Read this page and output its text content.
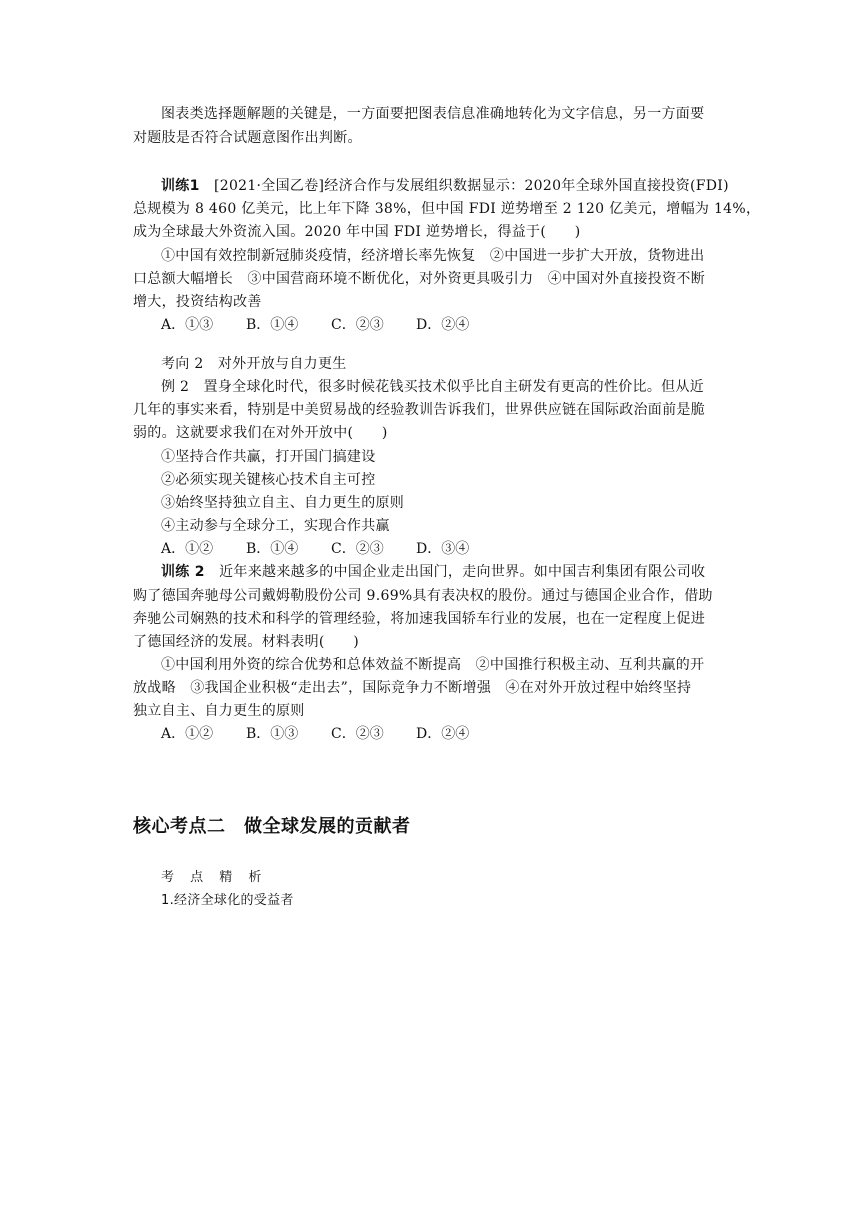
图表类选择题解题的关键是，一方面要把图表信息准确地转化为文字信息，另一方面要
对题肢是否符合试题意图作出判断。
训练1　 [2021·全国乙卷]经济合作与发展组织数据显示：2020年全球外国直接投资(FDI)
总规模为 8 460 亿美元，比上年下降 38%，但中国 FDI 逆势增至 2 120 亿美元，增幅为 14%，
成为全球最大外资流入国。2020 年中国 FDI 逆势增长，得益于(　　)
①中国有效控制新冠肺炎疫情，经济增长率先恢复　②中国进一步扩大开放，货物进出
口总额大幅增长　③中国营商环境不断优化，对外资更具吸引力　④中国对外直接投资不断
增大，投资结构改善
A．①③ B．①④ C．②③ D．②④
考向 2　对外开放与自力更生
例 2　置身全球化时代，很多时候花钱买技术似乎比自主研发有更高的性价比。但从近
几年的事实来看，特别是中美贸易战的经验教训告诉我们，世界供应链在国际政治面前是脆
弱的。这就要求我们在对外开放中(　　)
①坚持合作共赢，打开国门搞建设
②必须实现关键核心技术自主可控
③始终坚持独立自主、自力更生的原则
④主动参与全球分工，实现合作共赢
A．①② B．①④ C．②③ D．③④
训练 2　近年来越来越多的中国企业走出国门，走向世界。如中国吉利集团有限公司收
购了德国奔驰母公司戴姆勒股份公司 9.69%具有表决权的股份。通过与德国企业合作，借助
奔驰公司娴熟的技术和科学的管理经验，将加速我国轿车行业的发展，也在一定程度上促进
了德国经济的发展。材料表明(　　)
①中国利用外资的综合优势和总体效益不断提高　②中国推行积极主动、互利共赢的开
放战略　③我国企业积极“走出去”，国际竞争力不断增强　④在对外开放过程中始终坚持
独立自主、自力更生的原则
A．①② B．①③ C．②③ D．②④
核心考点二　做全球发展的贡献者
考 点 精 析
1.经济全球化的受益者
